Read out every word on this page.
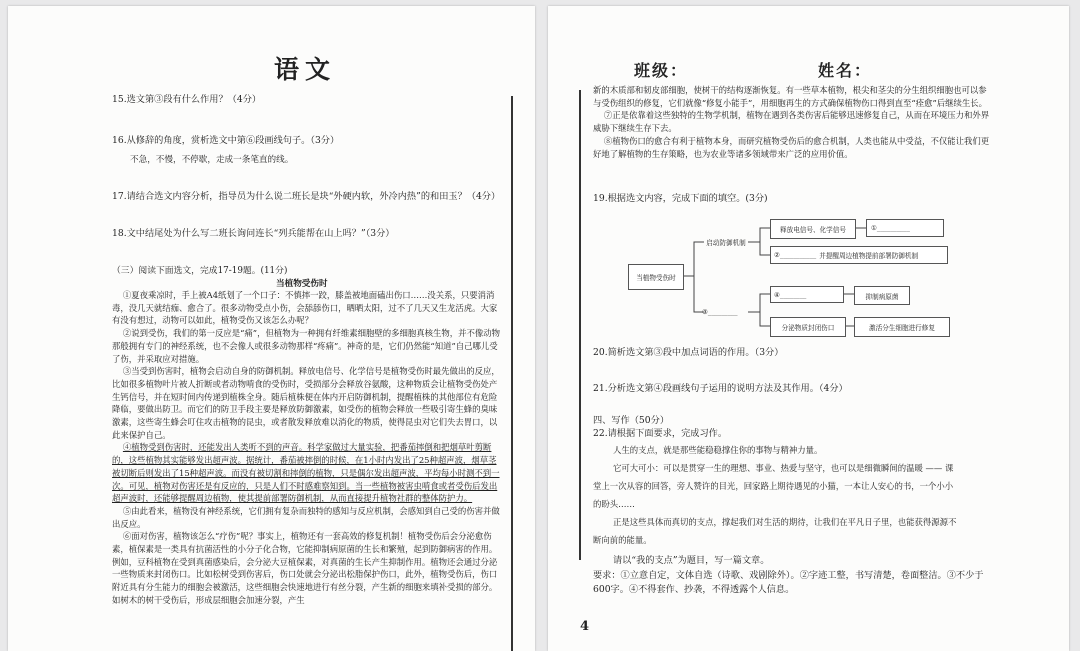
语文
15.选文第③段有什么作用？（4分）
16.从修辞的角度，赏析选文中第⑥段画线句子。（3分）
不急，不慢，不停歇，走成一条笔直的线。
17.请结合选文内容分析，指导员为什么说二班长是块“外硬内软，外冷内热”的和田玉？（4分）
18.文中结尾处为什么写二班长询问连长“列兵能帮在山上吗？”（3分）
（三）阅读下面选文，完成17-19题。(11分)
当植物受伤时

①夏夜乘凉时，手上被A4纸划了一个口子：不慎摔一跤，膝盖被地面磕出伤口……没关系，只要消消毒，没几天就结痂、愈合了。很多动物受点小伤，会舔舔伤口，晒晒太阳，过不了几天又生龙活虎。大家有没有想过，动物可以如此，植物受伤又该怎么办呢？

②说到受伤，我们的第一反应是“痛”，但植物为一种拥有纤维素细胞壁的多细胞真核生物，并不像动物那般拥有专门的神经系统，也不会像人或很多动物那样“疼痛”。神奇的是，它们仍然能“知道”自己哪儿受了伤，并采取应对措施。

③当受到伤害时，植物会启动自身的防御机制。释放电信号、化学信号是植物受伤时最先做出的反应，比如很多植物叶片被人折断或者动物啃食的受伤时，受损部分会释放谷氨酸，这种物质会让植物受伤处产生钙信号，并在短时间内传递到植株全身。随后植株便在体内开启防御机制，提醒植株的其他部位有危险降临，要做出防卫。而它们的防卫手段主要是释放防御激素，如受伤的植物会释放一些吸引寄生蜂的臭味激素，这些寄生蜂会叮住攻击植物的昆虫，或者散发释放难以消化的物质，使得昆虫对它们失去胃口，以此来保护自己。

④植物受到伤害时，还能发出人类听不到的声音。科学家做过大量实验，把番茄摔倒和把烟草叶剪断的，这些植物其实能够发出超声波。据统计，番茄被摔倒的时候，在1小时内发出了25种超声波，烟草茎被切断后则发出了15种超声波。而没有被切割和摔倒的植物，只是偶尔发出超声波，平均每小时测不到一次。可见，植物对伤害还是有反应的，只是人们不时感难察知到。当一些植物被害虫啃食或者受伤后发出超声波时，还能够提醒周边植物，使其提前部署防御机制，从而直接提升植物社群的整体防护力。

⑤由此看来，植物没有神经系统，它们拥有复杂而独特的感知与反应机制，会感知到自己受的伤害并做出反应。

⑥面对伤害，植物该怎么“疗伤”呢？事实上，植物还有一套高效的修复机制！植物受伤后会分泌愈伤素，植保素是一类具有抗菌活性的小分子化合物，它能抑制病原菌的生长和繁殖，起到防御病害的作用。例如，豆科植物在受到真菌感染后，会分泌大豆植保素，对真菌的生长产生抑制作用。植物还会通过分泌一些物质来封闭伤口。比如松树受到伤害后，伤口处就会分泌出松脂保护伤口，此外，植物受伤后，伤口附近具有分生能力的细胞会被激活，这些细胞会快速地进行有丝分裂，产生新的细胞来填补受损的部分。如树木的树干受伤后，形成层细胞会加速分裂，产生

班级：	姓名：

新的木质部和韧皮部细胞，使树干的结构逐渐恢复。有一些草本植物，根尖和茎尖的分生组织细胞也可以参与受伤组织的修复，它们就像“修复小能手”，用细胞再生的方式确保植物伤口得到直至“痊愈”后继续生长。

⑦正是依靠着这些独特的生物学机制，植物在遇到各类伤害后能够迅速修复自己，从而在环境压力和外界威胁下继续生存下去。

⑧植物伤口的愈合有利于植物本身，而研究植物受伤后的愈合机制，人类也能从中受益，不仅能让我们更好地了解植物的生存策略，也为农业等诸多领域带来广泛的应用价值。

19.根据选文内容，完成下面的填空。(3分)
当植物受伤时
启动防御机制
③_________
释放电信号、化学信号	①__________
②___________ 并提醒周边植物提前部署防御机制
④________	抑制病原菌
分泌物质封闭伤口	激活分生细胞进行修复
20.简析选文第③段中加点词语的作用。（3分）
21.分析选文第④段画线句子运用的说明方法及其作用。（4分）
四、写作（50分）
22.请根据下面要求，完成习作。
人生的支点，就是那些能稳稳撑住你的事物与精神力量。
它可大可小：可以是贯穿一生的理想、事业、热爱与坚守，也可以是细微瞬间的温暖 —— 课
堂上一次从容的回答，旁人赞许的目光，回家路上期待遇见的小猫，一本让人安心的书，一个小小
的盼头……
正是这些具体而真切的支点，撑起我们对生活的期待，让我们在平凡日子里，也能获得源源不
断向前的能量。
请以“我的支点”为题目，写一篇文章。
要求：①立意自定，文体自选（诗歌、戏剧除外）。②字迹工整，书写清楚，卷面整洁。③不少于
600字。④不得套作、抄袭，不得透露个人信息。
4
